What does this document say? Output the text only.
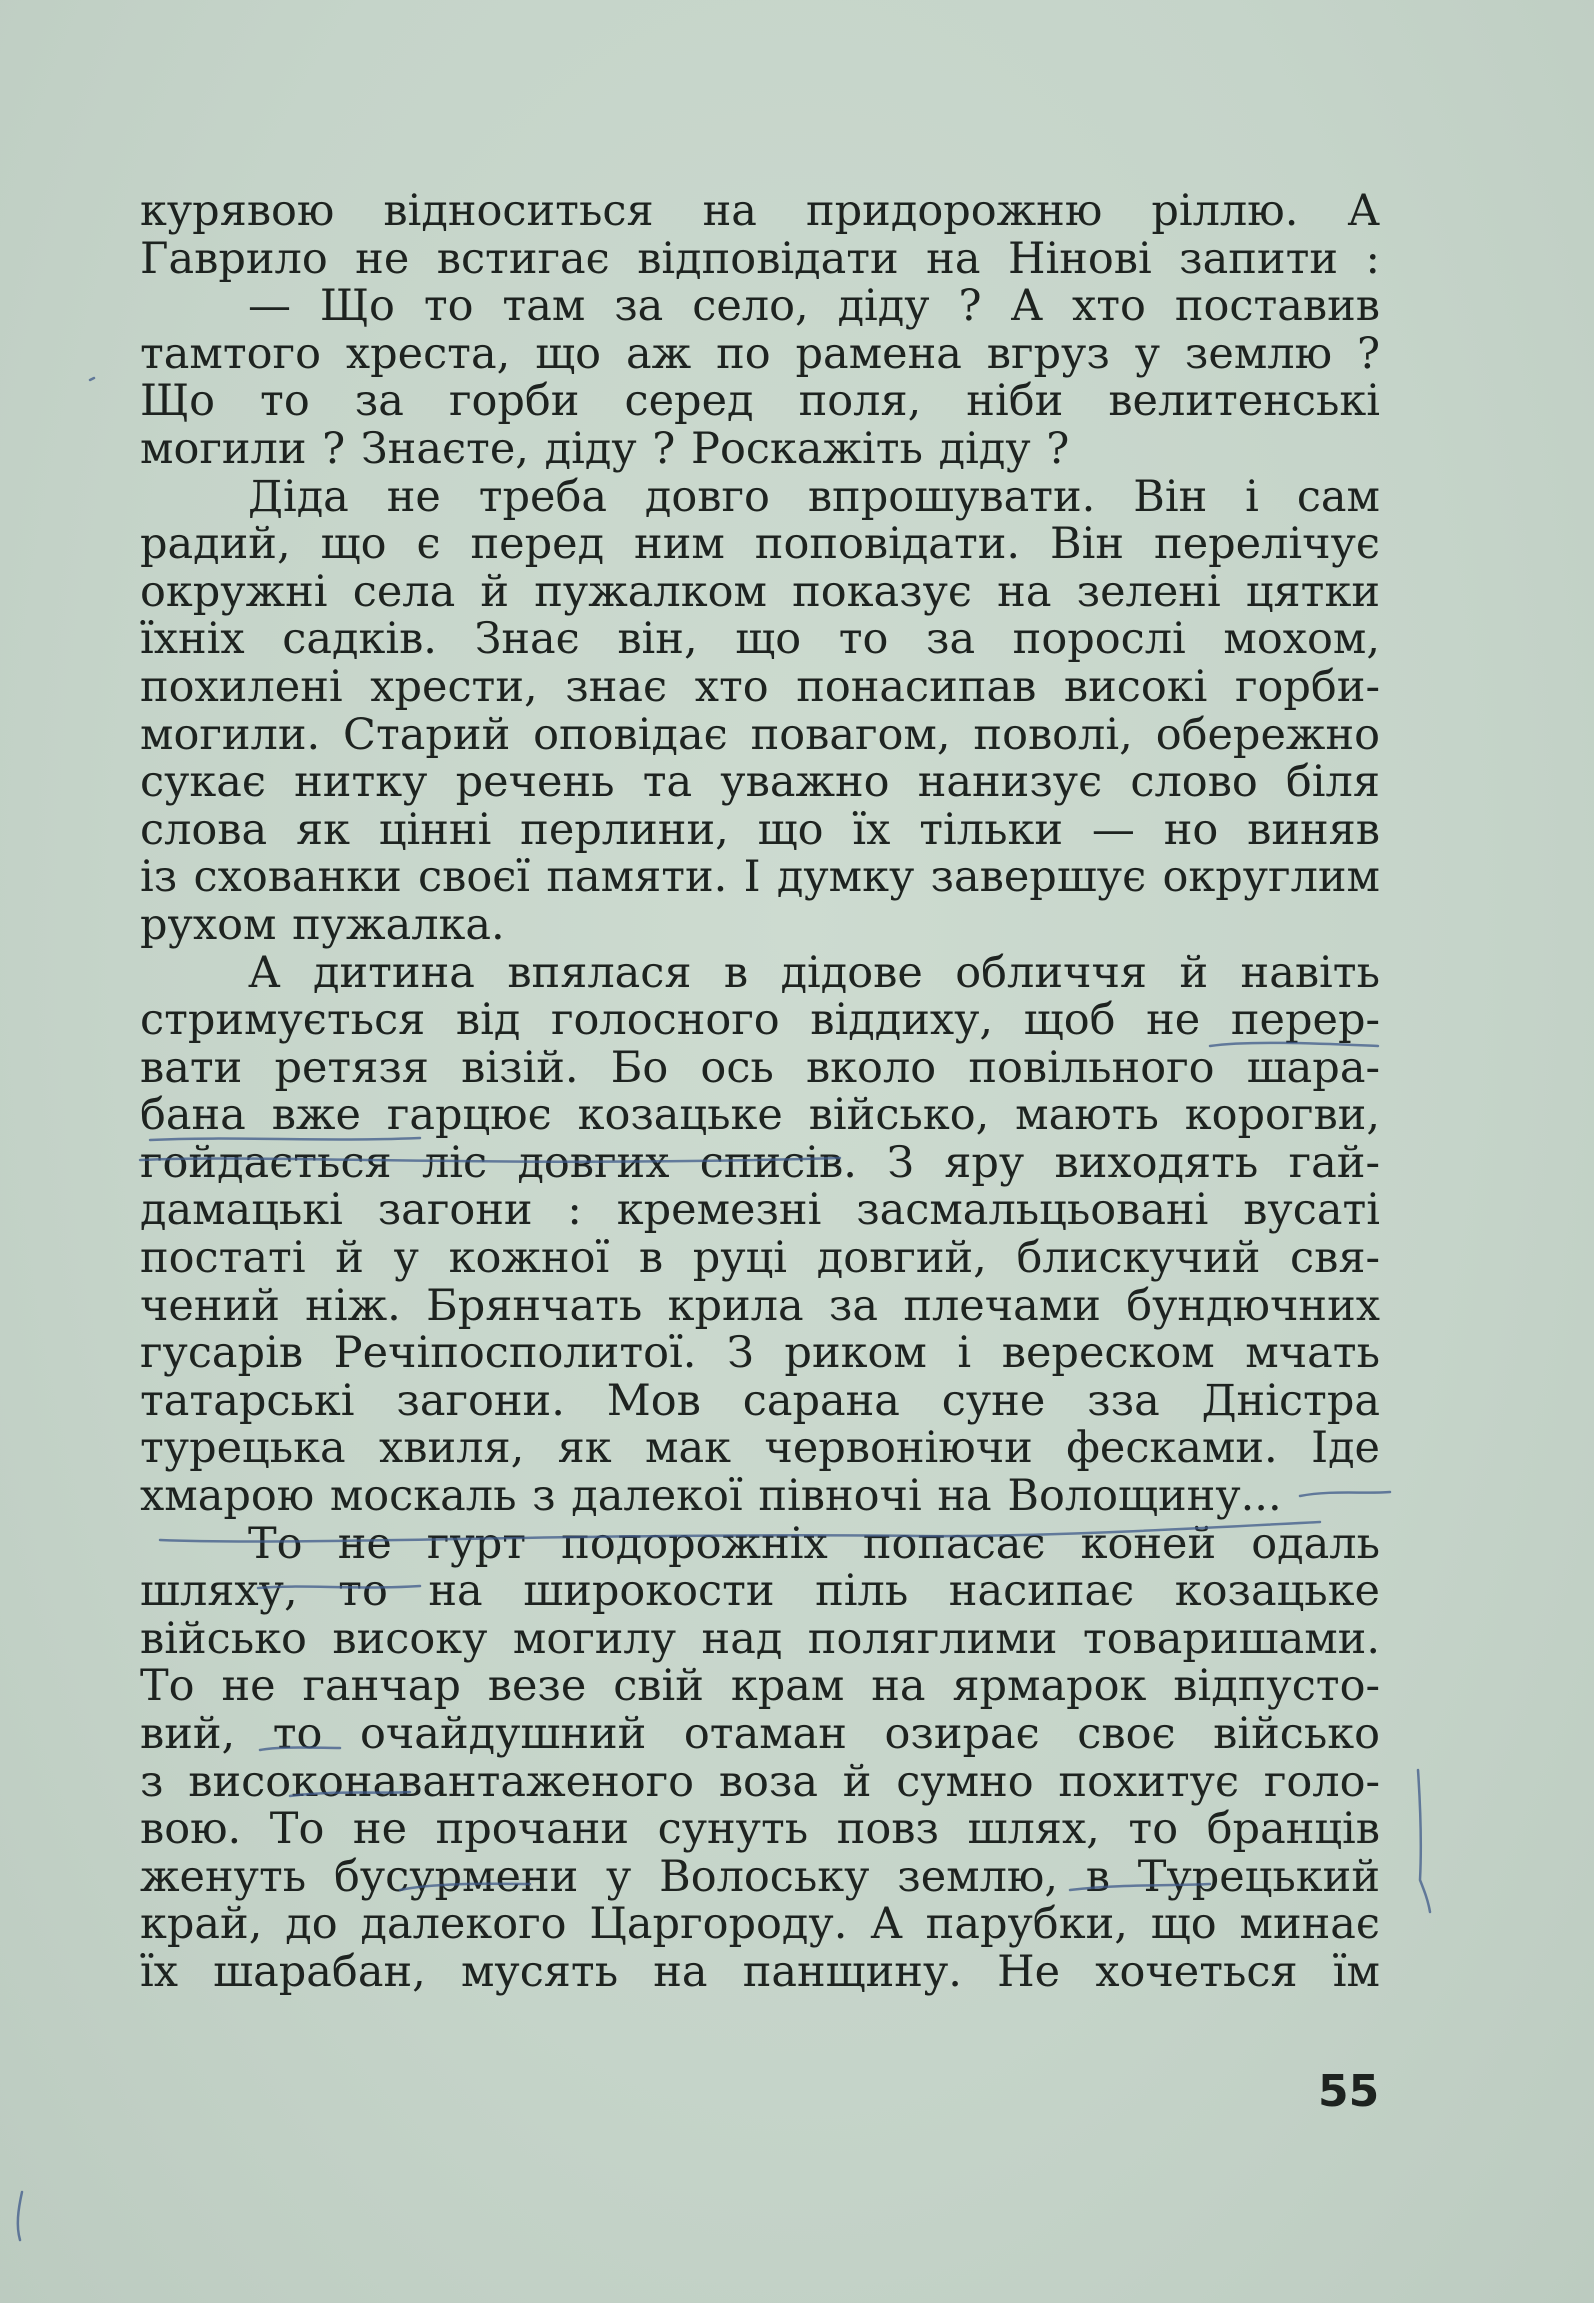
курявою відноситься на придорожню ріллю. А
Гаврило не встигає відповідати на Нінові запити :
— Що то там за село, діду ? А хто поставив
тамтого хреста, що аж по рамена вгруз у землю ?
Що то за горби серед поля, ніби велитенські
могили ? Знаєте, діду ? Роскажіть діду ?
Діда не треба довго впрошувати. Він і сам
радий, що є перед ним поповідати. Він перелічує
окружні села й пужалком показує на зелені цятки
їхніх садків. Знає він, що то за порослі мохом,
похилені хрести, знає хто понасипав високі горби-
могили. Старий оповідає повагом, поволі, обережно
сукає нитку речень та уважно нанизує слово біля
слова як цінні перлини, що їх тільки — но виняв
із схованки своєї памяти. І думку завершує округлим
рухом пужалка.
А дитина впялася в дідове обличчя й навіть
стримується від голосного віддиху, щоб не перер-
вати ретязя візій. Бо ось вколо повільного шара-
бана вже гарцює козацьке військо, мають корогви,
гойдається ліс довгих списів. З яру виходять гай-
дамацькі загони : кремезні засмальцьовані вусаті
постаті й у кожної в руці довгий, блискучий свя-
чений ніж. Брянчать крила за плечами бундючних
гусарів Речіпосполитої. З риком і вереском мчать
татарські загони. Мов сарана суне зза Дністра
турецька хвиля, як мак червоніючи фесками. Іде
хмарою москаль з далекої півночі на Волощину...
То не гурт подорожніх попасає коней одаль
шляху, то на широкости піль насипає козацьке
військо високу могилу над поляглими товаришами.
То не ганчар везе свій крам на ярмарок відпусто-
вий, то очайдушний отаман озирає своє військо
з високонавантаженого воза й сумно похитує голо-
вою. То не прочани сунуть повз шлях, то бранців
женуть бусурмени у Волоську землю, в Турецький
край, до далекого Царгороду. А парубки, що минає
їх шарабан, мусять на панщину. Не хочеться їм
55
